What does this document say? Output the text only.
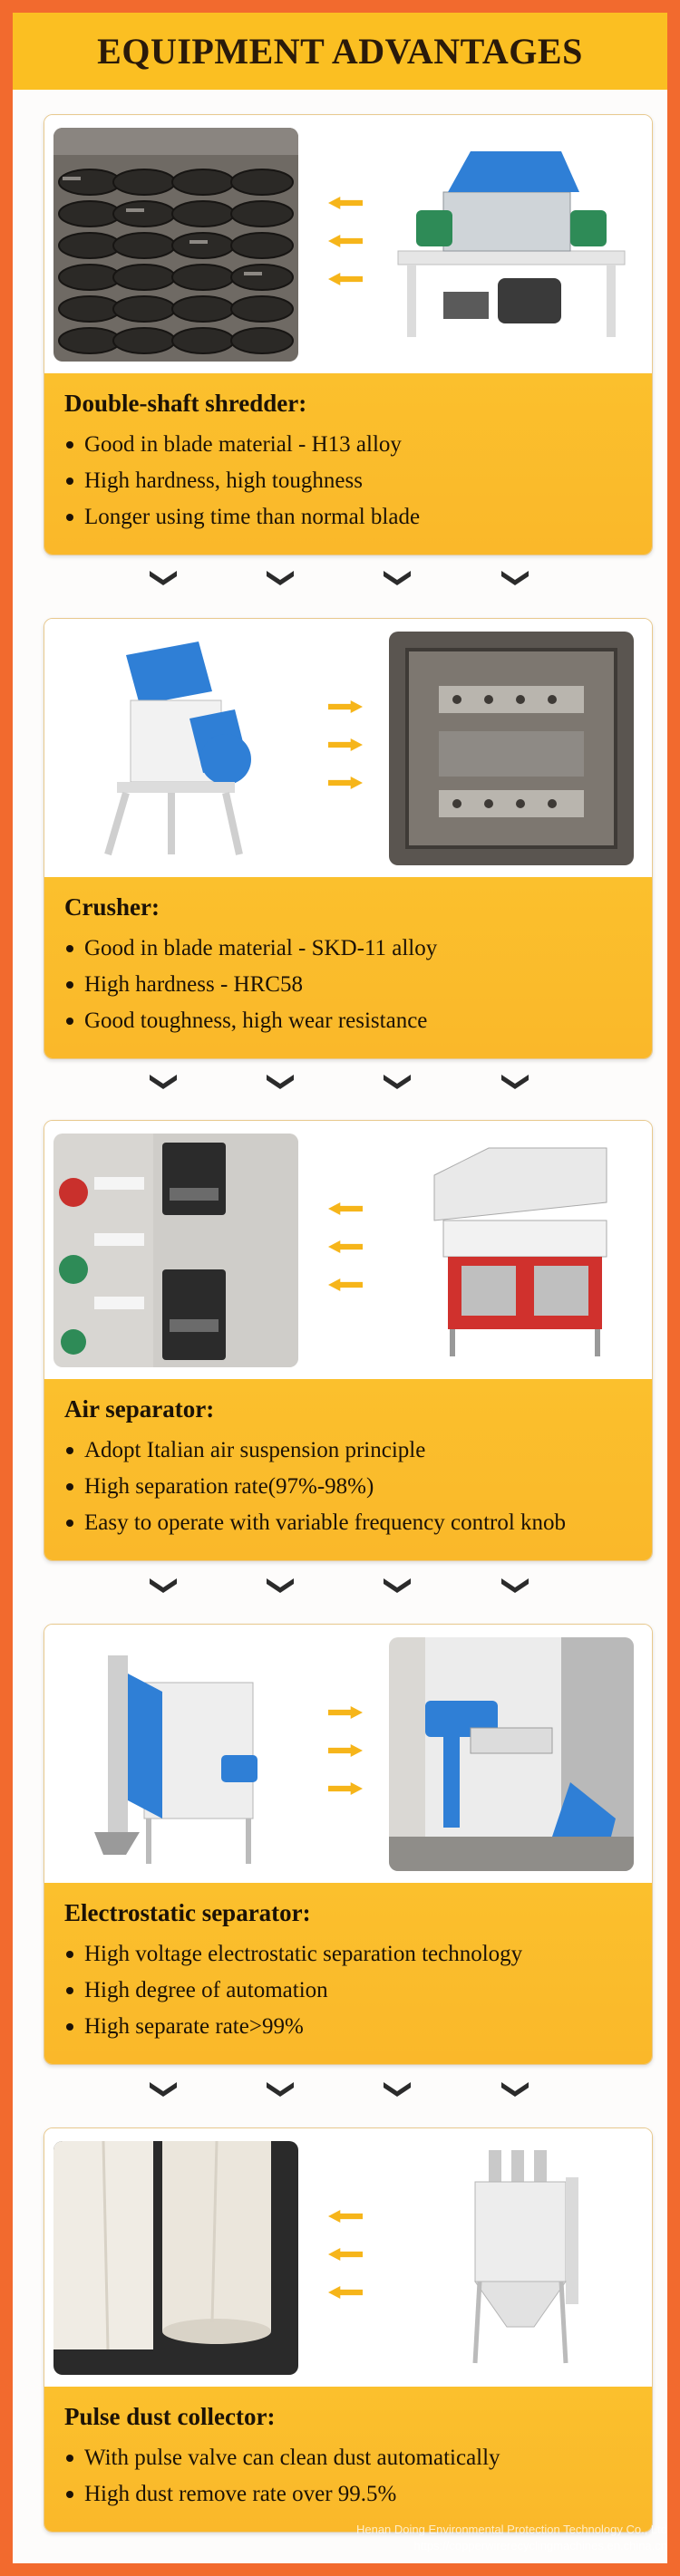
EQUIPMENT ADVANTAGES
Double-shaft shredder:
Good in blade material - H13 alloy
High hardness, high toughness
Longer using time than normal blade
Crusher:
Good in blade material - SKD-11 alloy
High hardness - HRC58
Good toughness, high wear resistance
Air separator:
Adopt Italian air suspension principle
High separation rate(97%-98%)
Easy to operate with variable frequency control knob
Electrostatic separator:
High voltage electrostatic separation technology
High degree of automation
High separate rate>99%
Pulse dust collector:
With pulse valve can clean dust automatically
High dust remove rate over 99.5%
Henan Doing Environmental Protection Technology Co., Ltd
https://copperwirerecyclingmachines.en.china.cn
